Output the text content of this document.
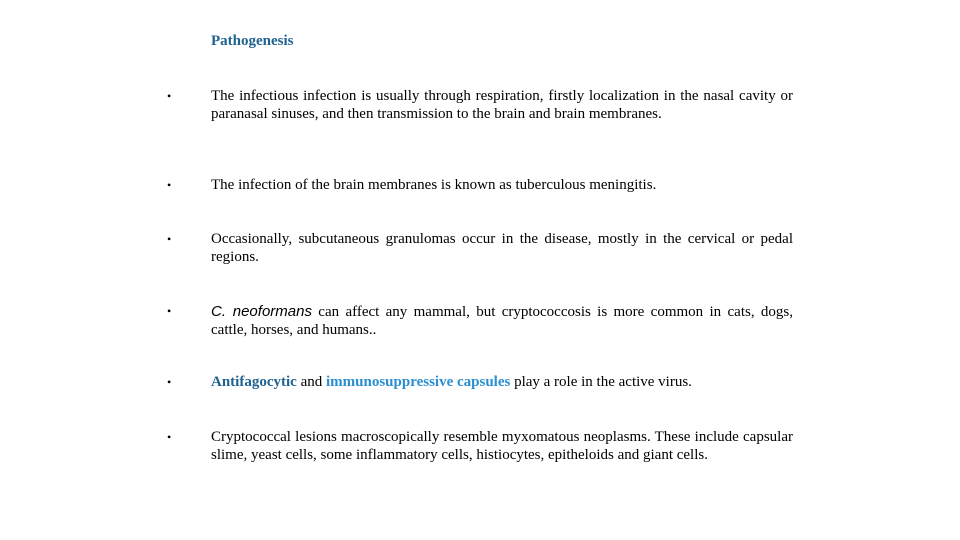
Pathogenesis
•	The infectious infection is usually through respiration, firstly localization in the nasal cavity or paranasal sinuses, and then transmission to the brain and brain membranes.
•	The infection of the brain membranes is known as tuberculous meningitis.
•	Occasionally, subcutaneous granulomas occur in the disease, mostly in the cervical or pedal regions.
•	C. neoformans can affect any mammal, but cryptococcosis is more common in cats, dogs, cattle, horses, and humans..
•	Antifagocytic and immunosuppressive capsules play a role in the active virus.
•	Cryptococcal lesions macroscopically resemble myxomatous neoplasms. These include capsular slime, yeast cells, some inflammatory cells, histiocytes, epitheloids and giant cells.
